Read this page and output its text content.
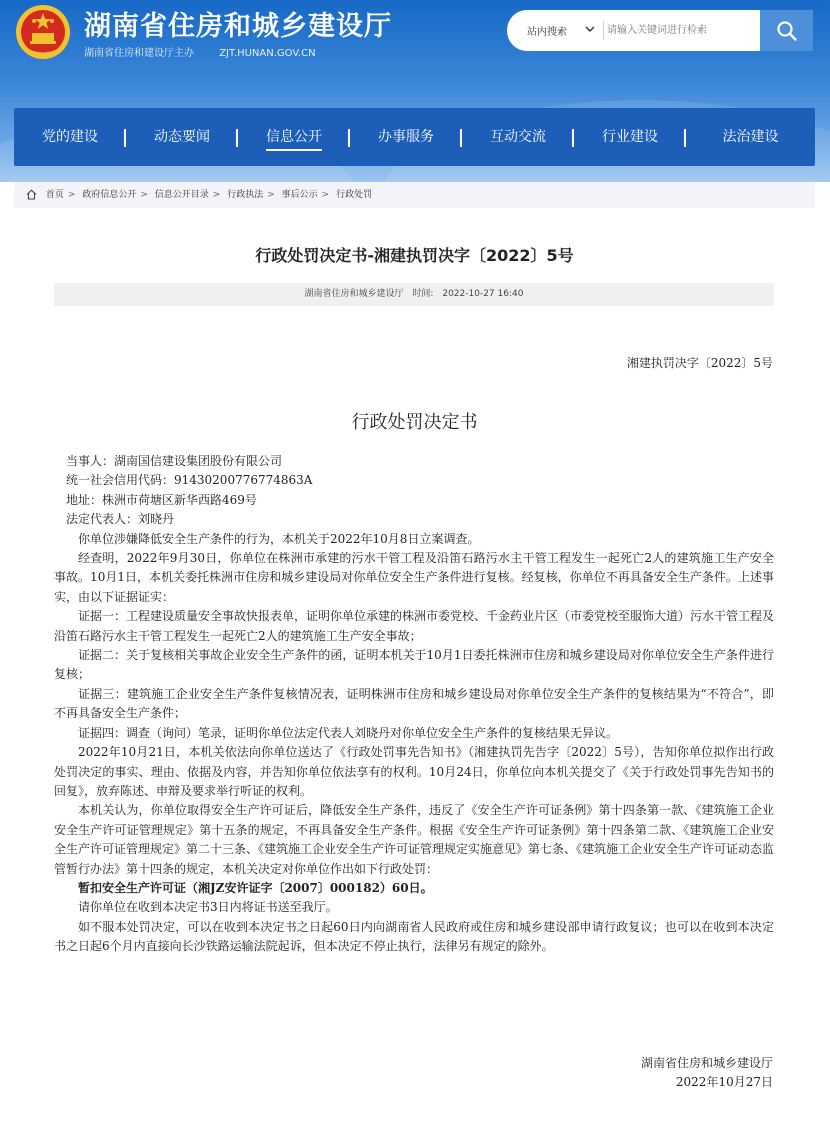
湖南省住房和城乡建设厅
湖南省住房和建设厅主办	ZJT.HUNAN.GOV.CN
站内搜索
请输入关键词进行检索
党的建设	动态要闻	信息公开	办事服务	互动交流	行业建设	法治建设
首页 > 政府信息公开 > 信息公开目录 > 行政执法 > 事后公示 > 行政处罚
行政处罚决定书-湘建执罚决字〔2022〕5号
湖南省住房和城乡建设厅 时间: 2022-10-27 16:40
湘建执罚决字〔2022〕5号
行政处罚决定书

当事人：湖南国信建设集团股份有限公司

统一社会信用代码：91430200776774863A

地址：株洲市荷塘区新华西路469号

法定代表人：刘晓丹

你单位涉嫌降低安全生产条件的行为，本机关于2022年10月8日立案调查。

经查明，2022年9月30日，你单位在株洲市承建的污水干管工程及沿笛石路污水主干管工程发生一起死亡2人的建筑施工生产安全事故。10月1日，本机关委托株洲市住房和城乡建设局对你单位安全生产条件进行复核。经复核，你单位不再具备安全生产条件。上述事实，由以下证据证实：

证据一：工程建设质量安全事故快报表单，证明你单位承建的株洲市委党校、千金药业片区（市委党校至服饰大道）污水干管工程及沿笛石路污水主干管工程发生一起死亡2人的建筑施工生产安全事故；

证据二：关于复核相关事故企业安全生产条件的函，证明本机关于10月1日委托株洲市住房和城乡建设局对你单位安全生产条件进行复核；

证据三：建筑施工企业安全生产条件复核情况表，证明株洲市住房和城乡建设局对你单位安全生产条件的复核结果为“不符合”，即不再具备安全生产条件；

证据四：调查（询问）笔录，证明你单位法定代表人刘晓丹对你单位安全生产条件的复核结果无异议。

2022年10月21日，本机关依法向你单位送达了《行政处罚事先告知书》（湘建执罚先告字〔2022〕5号），告知你单位拟作出行政处罚决定的事实、理由、依据及内容，并告知你单位依法享有的权利。10月24日，你单位向本机关提交了《关于行政处罚事先告知书的回复》，放弃陈述、申辩及要求举行听证的权利。

本机关认为，你单位取得安全生产许可证后，降低安全生产条件，违反了《安全生产许可证条例》第十四条第一款、《建筑施工企业安全生产许可证管理规定》第十五条的规定，不再具备安全生产条件。根据《安全生产许可证条例》第十四条第二款、《建筑施工企业安全生产许可证管理规定》第二十三条、《建筑施工企业安全生产许可证管理规定实施意见》第七条、《建筑施工企业安全生产许可证动态监管暂行办法》第十四条的规定，本机关决定对你单位作出如下行政处罚：

暂扣安全生产许可证（湘JZ安许证字〔2007〕000182）60日。

请你单位在收到本决定书3日内将证书送至我厅。

如不服本处罚决定，可以在收到本决定书之日起60日内向湖南省人民政府或住房和城乡建设部申请行政复议；也可以在收到本决定书之日起6个月内直接向长沙铁路运输法院起诉，但本决定不停止执行，法律另有规定的除外。

湖南省住房和城乡建设厅
2022年10月27日
